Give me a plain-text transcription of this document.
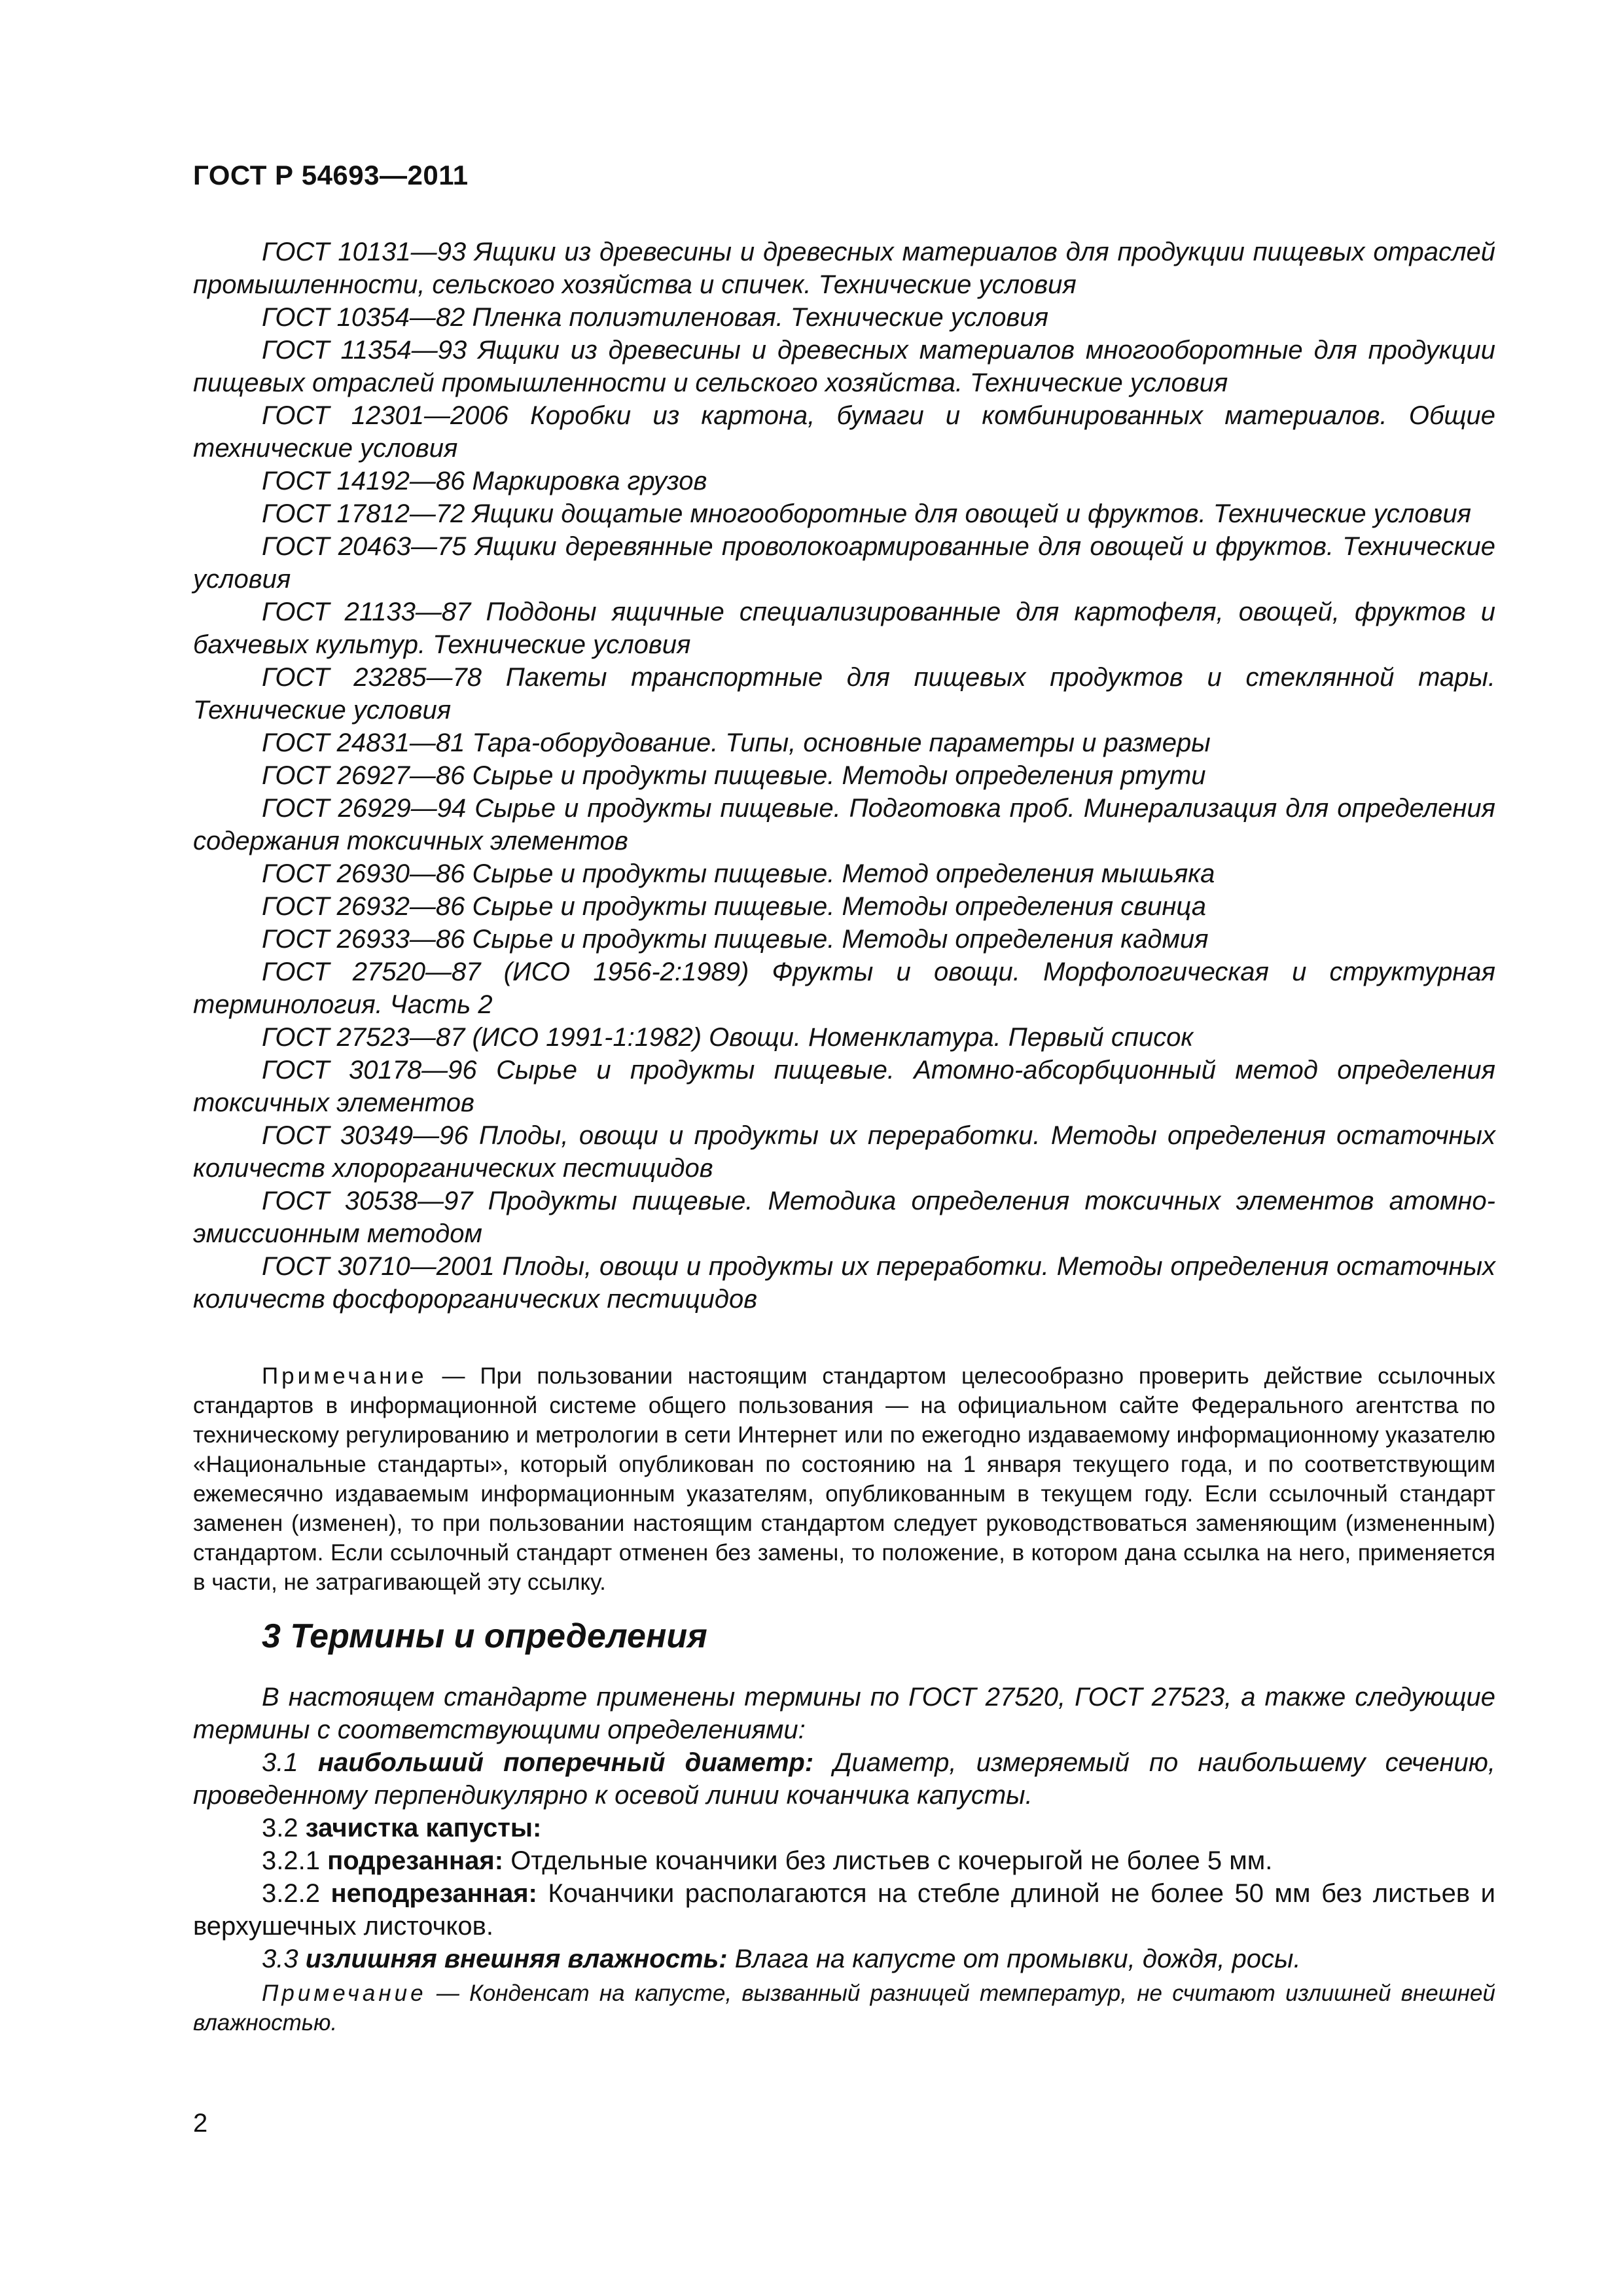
ГОСТ Р 54693—2011

ГОСТ 10131—93 Ящики из древесины и древесных материалов для продукции пищевых отраслей промышленности, сельского хозяйства и спичек. Технические условия

ГОСТ 10354—82 Пленка полиэтиленовая. Технические условия

ГОСТ 11354—93 Ящики из древесины и древесных материалов многооборотные для продукции пищевых отраслей промышленности и сельского хозяйства. Технические условия

ГОСТ 12301—2006 Коробки из картона, бумаги и комбинированных материалов. Общие технические условия

ГОСТ 14192—86 Маркировка грузов

ГОСТ 17812—72 Ящики дощатые многооборотные для овощей и фруктов. Технические условия

ГОСТ 20463—75 Ящики деревянные проволокоармированные для овощей и фруктов. Технические условия

ГОСТ 21133—87 Поддоны ящичные специализированные для картофеля, овощей, фруктов и бахчевых культур. Технические условия

ГОСТ 23285—78 Пакеты транспортные для пищевых продуктов и стеклянной тары. Технические условия

ГОСТ 24831—81 Тара-оборудование. Типы, основные параметры и размеры

ГОСТ 26927—86 Сырье и продукты пищевые. Методы определения ртути

ГОСТ 26929—94 Сырье и продукты пищевые. Подготовка проб. Минерализация для определения содержания токсичных элементов

ГОСТ 26930—86 Сырье и продукты пищевые. Метод определения мышьяка

ГОСТ 26932—86 Сырье и продукты пищевые. Методы определения свинца

ГОСТ 26933—86 Сырье и продукты пищевые. Методы определения кадмия

ГОСТ 27520—87 (ИСО 1956-2:1989) Фрукты и овощи. Морфологическая и структурная терминология. Часть 2

ГОСТ 27523—87 (ИСО 1991-1:1982) Овощи. Номенклатура. Первый список

ГОСТ 30178—96 Сырье и продукты пищевые. Атомно-абсорбционный метод определения токсичных элементов

ГОСТ 30349—96 Плоды, овощи и продукты их переработки. Методы определения остаточных количеств хлорорганических пестицидов

ГОСТ 30538—97 Продукты пищевые. Методика определения токсичных элементов атомно-эмиссионным методом

ГОСТ 30710—2001 Плоды, овощи и продукты их переработки. Методы определения остаточных количеств фосфорорганических пестицидов

Примечание — При пользовании настоящим стандартом целесообразно проверить действие ссылочных стандартов в информационной системе общего пользования — на официальном сайте Федерального агентства по техническому регулированию и метрологии в сети Интернет или по ежегодно издаваемому информационному указателю «Национальные стандарты», который опубликован по состоянию на 1 января текущего года, и по соответствующим ежемесячно издаваемым информационным указателям, опубликованным в текущем году. Если ссылочный стандарт заменен (изменен), то при пользовании настоящим стандартом следует руководствоваться заменяющим (измененным) стандартом. Если ссылочный стандарт отменен без замены, то положение, в котором дана ссылка на него, применяется в части, не затрагивающей эту ссылку.
3 Термины и определения

В настоящем стандарте применены термины по ГОСТ 27520, ГОСТ 27523, а также следующие термины с соответствующими определениями:

3.1 наибольший поперечный диаметр: Диаметр, измеряемый по наибольшему сечению, проведенному перпендикулярно к осевой линии кочанчика капусты.

3.2 зачистка капусты:

3.2.1 подрезанная: Отдельные кочанчики без листьев с кочерыгой не более 5 мм.

3.2.2 неподрезанная: Кочанчики располагаются на стебле длиной не более 50 мм без листьев и верхушечных листочков.

3.3 излишняя внешняя влажность: Влага на капусте от промывки, дождя, росы.

Примечание — Конденсат на капусте, вызванный разницей температур, не считают излишней внешней влажностью.

2
